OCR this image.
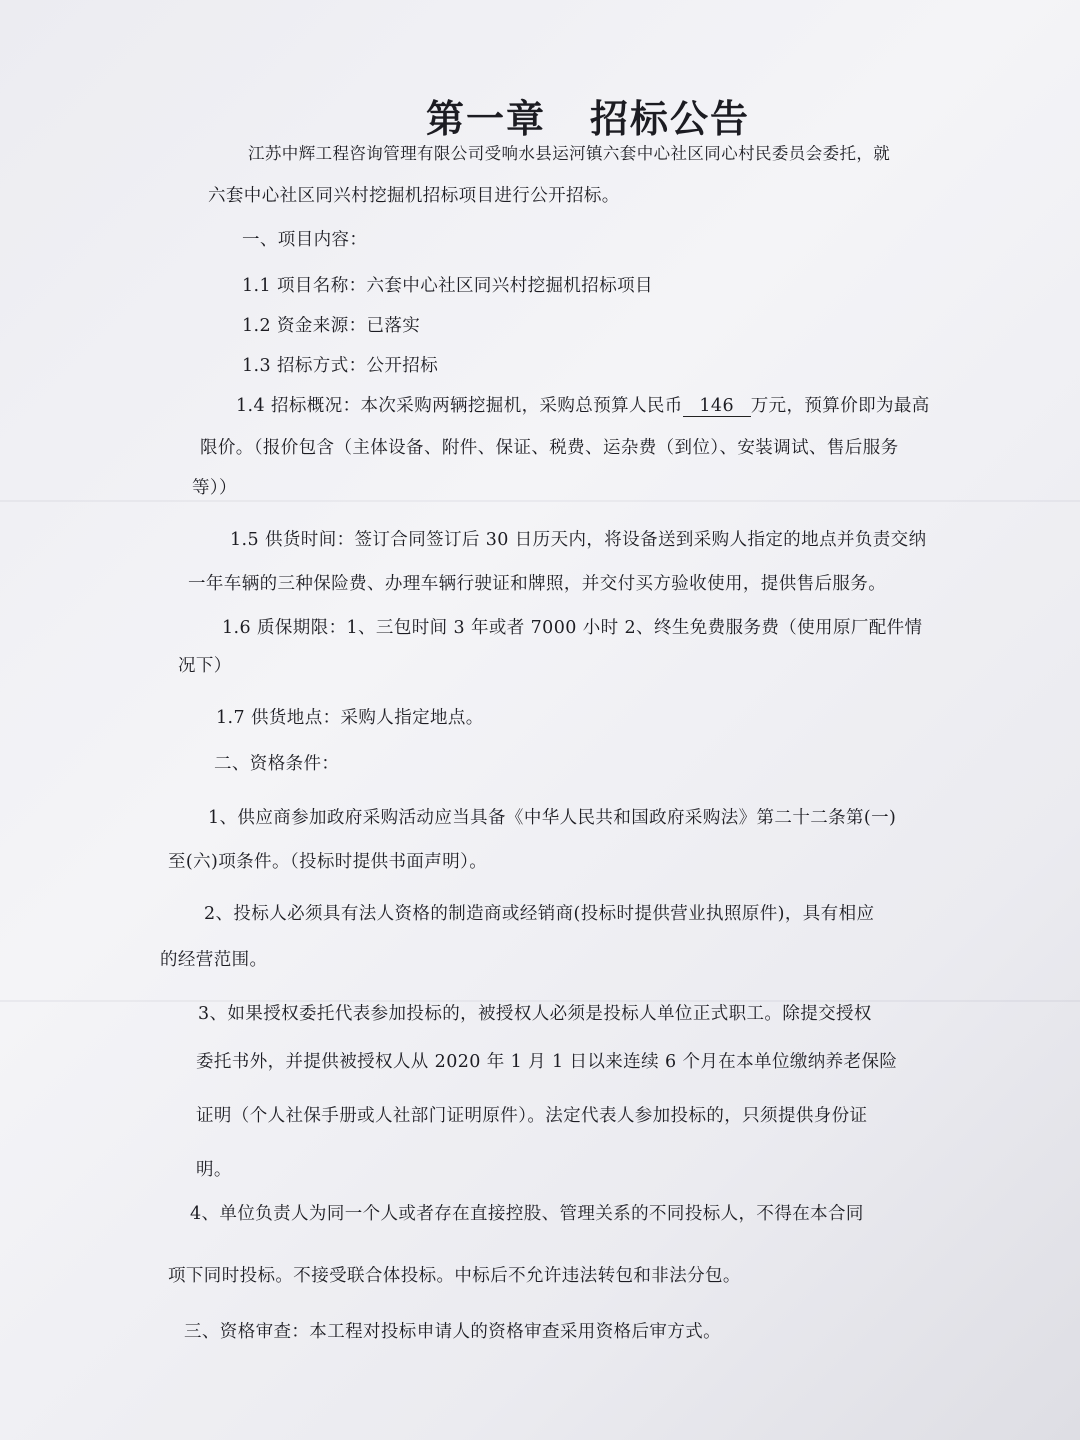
第一章 招标公告
江苏中辉工程咨询管理有限公司受响水县运河镇六套中心社区同心村民委员会委托，就
六套中心社区同兴村挖掘机招标项目进行公开招标。
一、项目内容：
1.1 项目名称：六套中心社区同兴村挖掘机招标项目
1.2 资金来源：已落实
1.3 招标方式：公开招标
1.4 招标概况：本次采购两辆挖掘机，采购总预算人民币 146 万元，预算价即为最高
限价。（报价包含（主体设备、附件、保证、税费、运杂费（到位）、安装调试、售后服务
等））
1.5 供货时间：签订合同签订后 30 日历天内，将设备送到采购人指定的地点并负责交纳
一年车辆的三种保险费、办理车辆行驶证和牌照，并交付买方验收使用，提供售后服务。
1.6 质保期限：1、三包时间 3 年或者 7000 小时 2、终生免费服务费（使用原厂配件情
况下）
1.7 供货地点：采购人指定地点。
二、资格条件：
1、供应商参加政府采购活动应当具备《中华人民共和国政府采购法》第二十二条第(一)
至(六)项条件。（投标时提供书面声明）。
2、投标人必须具有法人资格的制造商或经销商(投标时提供营业执照原件)，具有相应
的经营范围。
3、如果授权委托代表参加投标的，被授权人必须是投标人单位正式职工。除提交授权
委托书外，并提供被授权人从 2020 年 1 月 1 日以来连续 6 个月在本单位缴纳养老保险
证明（个人社保手册或人社部门证明原件）。法定代表人参加投标的，只须提供身份证
明。
4、单位负责人为同一个人或者存在直接控股、管理关系的不同投标人，不得在本合同
项下同时投标。不接受联合体投标。中标后不允许违法转包和非法分包。
三、资格审查：本工程对投标申请人的资格审查采用资格后审方式。
